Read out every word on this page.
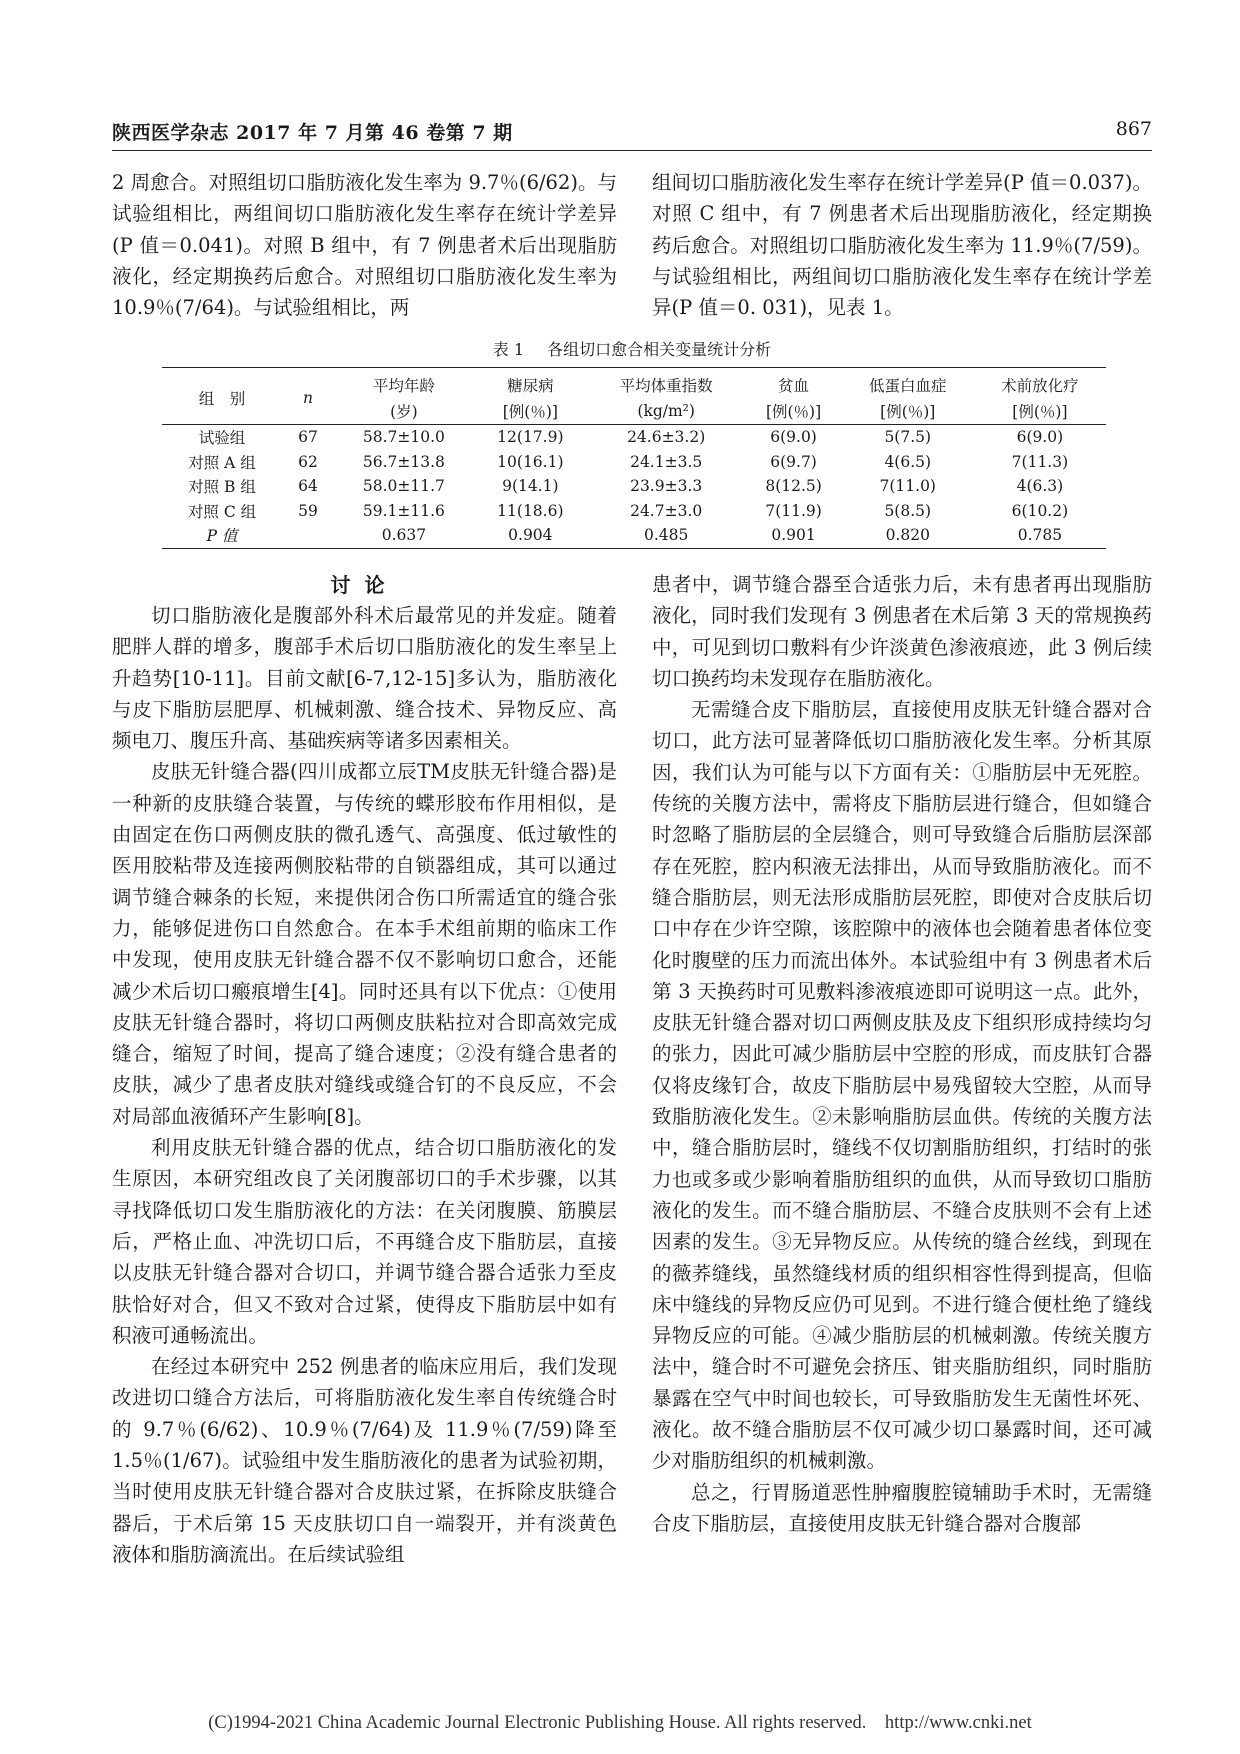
陕西医学杂志 2017 年 7 月第 46 卷第 7 期	867

2 周愈合。对照组切口脂肪液化发生率为 9.7％(6/62)。与试验组相比，两组间切口脂肪液化发生率存在统计学差异(P 值＝0.041)。对照 B 组中，有 7 例患者术后出现脂肪液化，经定期换药后愈合。对照组切口脂肪液化发生率为 10.9％(7/64)。与试验组相比，两

组间切口脂肪液化发生率存在统计学差异(P 值＝0.037)。对照 C 组中，有 7 例患者术后出现脂肪液化，经定期换药后愈合。对照组切口脂肪液化发生率为 11.9％(7/59)。与试验组相比，两组间切口脂肪液化发生率存在统计学差异(P 值＝0. 031)，见表 1。

表 1 各组切口愈合相关变量统计分析
组　别	n	平均年龄	糖尿病	平均体重指数	贫血	低蛋白血症	术前放化疗
		(岁)	[例(％)]	(kg/m²)	[例(％)]	[例(％)]	[例(％)]
试验组	67	58.7±10.0	12(17.9)	24.6±3.2)	6(9.0)	5(7.5)	6(9.0)
对照 A 组	62	56.7±13.8	10(16.1)	24.1±3.5	6(9.7)	4(6.5)	7(11.3)
对照 B 组	64	58.0±11.7	9(14.1)	23.9±3.3	8(12.5)	7(11.0)	4(6.3)
对照 C 组	59	59.1±11.6	11(18.6)	24.7±3.0	7(11.9)	5(8.5)	6(10.2)
P 值		0.637	0.904	0.485	0.901	0.820	0.785
讨论

切口脂肪液化是腹部外科术后最常见的并发症。随着肥胖人群的增多，腹部手术后切口脂肪液化的发生率呈上升趋势[10-11]。目前文献[6-7,12-15]多认为，脂肪液化与皮下脂肪层肥厚、机械刺激、缝合技术、异物反应、高频电刀、腹压升高、基础疾病等诸多因素相关。

皮肤无针缝合器(四川成都立辰TM皮肤无针缝合器)是一种新的皮肤缝合装置，与传统的蝶形胶布作用相似，是由固定在伤口两侧皮肤的微孔透气、高强度、低过敏性的医用胶粘带及连接两侧胶粘带的自锁器组成，其可以通过调节缝合棘条的长短，来提供闭合伤口所需适宜的缝合张力，能够促进伤口自然愈合。在本手术组前期的临床工作中发现，使用皮肤无针缝合器不仅不影响切口愈合，还能减少术后切口瘢痕增生[4]。同时还具有以下优点：①使用皮肤无针缝合器时，将切口两侧皮肤粘拉对合即高效完成缝合，缩短了时间，提高了缝合速度；②没有缝合患者的皮肤，减少了患者皮肤对缝线或缝合钉的不良反应，不会对局部血液循环产生影响[8]。

利用皮肤无针缝合器的优点，结合切口脂肪液化的发生原因，本研究组改良了关闭腹部切口的手术步骤，以其寻找降低切口发生脂肪液化的方法：在关闭腹膜、筋膜层后，严格止血、冲洗切口后，不再缝合皮下脂肪层，直接以皮肤无针缝合器对合切口，并调节缝合器合适张力至皮肤恰好对合，但又不致对合过紧，使得皮下脂肪层中如有积液可通畅流出。

在经过本研究中 252 例患者的临床应用后，我们发现改进切口缝合方法后，可将脂肪液化发生率自传统缝合时的 9.7％(6/62)、10.9％(7/64)及 11.9％(7/59)降至 1.5％(1/67)。试验组中发生脂肪液化的患者为试验初期，当时使用皮肤无针缝合器对合皮肤过紧，在拆除皮肤缝合器后，于术后第 15 天皮肤切口自一端裂开，并有淡黄色液体和脂肪滴流出。在后续试验组

患者中，调节缝合器至合适张力后，未有患者再出现脂肪液化，同时我们发现有 3 例患者在术后第 3 天的常规换药中，可见到切口敷料有少许淡黄色渗液痕迹，此 3 例后续切口换药均未发现存在脂肪液化。

无需缝合皮下脂肪层，直接使用皮肤无针缝合器对合切口，此方法可显著降低切口脂肪液化发生率。分析其原因，我们认为可能与以下方面有关：①脂肪层中无死腔。传统的关腹方法中，需将皮下脂肪层进行缝合，但如缝合时忽略了脂肪层的全层缝合，则可导致缝合后脂肪层深部存在死腔，腔内积液无法排出，从而导致脂肪液化。而不缝合脂肪层，则无法形成脂肪层死腔，即使对合皮肤后切口中存在少许空隙，该腔隙中的液体也会随着患者体位变化时腹壁的压力而流出体外。本试验组中有 3 例患者术后第 3 天换药时可见敷料渗液痕迹即可说明这一点。此外，皮肤无针缝合器对切口两侧皮肤及皮下组织形成持续均匀的张力，因此可减少脂肪层中空腔的形成，而皮肤钉合器仅将皮缘钉合，故皮下脂肪层中易残留较大空腔，从而导致脂肪液化发生。②未影响脂肪层血供。传统的关腹方法中，缝合脂肪层时，缝线不仅切割脂肪组织，打结时的张力也或多或少影响着脂肪组织的血供，从而导致切口脂肪液化的发生。而不缝合脂肪层、不缝合皮肤则不会有上述因素的发生。③无异物反应。从传统的缝合丝线，到现在的薇荞缝线，虽然缝线材质的组织相容性得到提高，但临床中缝线的异物反应仍可见到。不进行缝合便杜绝了缝线异物反应的可能。④减少脂肪层的机械刺激。传统关腹方法中，缝合时不可避免会挤压、钳夹脂肪组织，同时脂肪暴露在空气中时间也较长，可导致脂肪发生无菌性坏死、液化。故不缝合脂肪层不仅可减少切口暴露时间，还可减少对脂肪组织的机械刺激。

总之，行胃肠道恶性肿瘤腹腔镜辅助手术时，无需缝合皮下脂肪层，直接使用皮肤无针缝合器对合腹部

(C)1994-2021 China Academic Journal Electronic Publishing House. All rights reserved.　http://www.cnki.net
